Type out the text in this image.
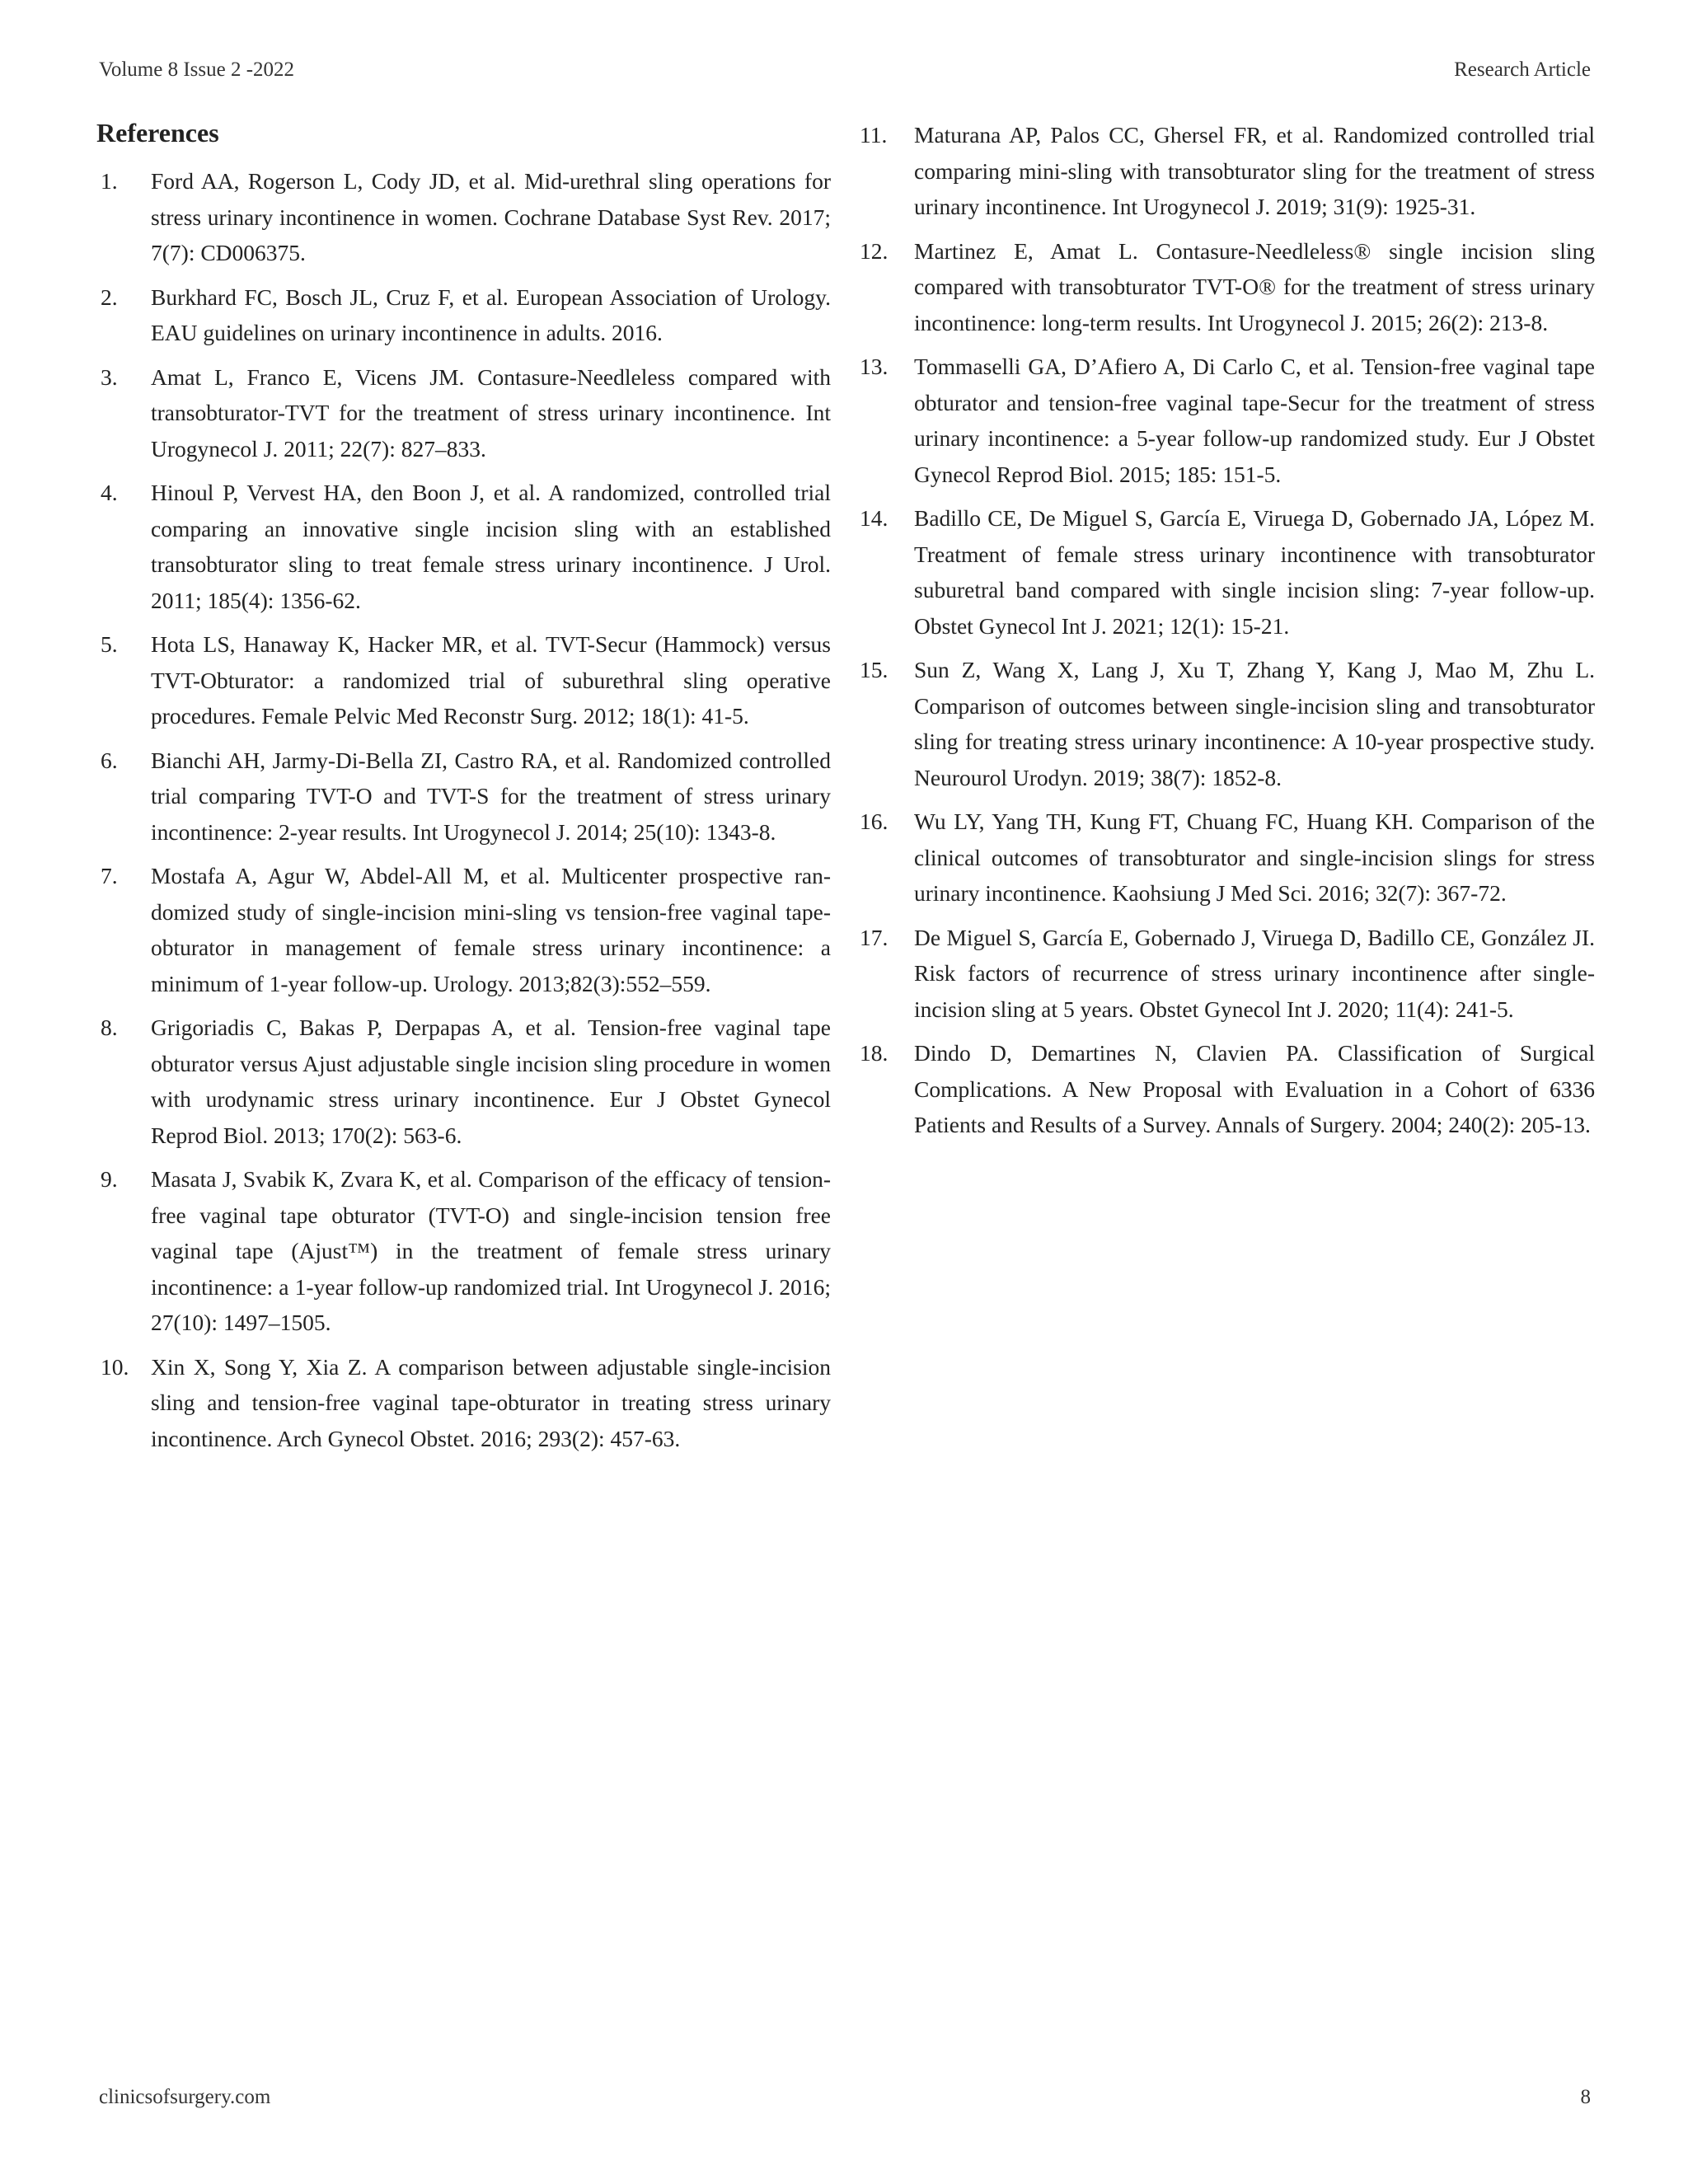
Volume 8 Issue 2 -2022	Research Article
References
1. Ford AA, Rogerson L, Cody JD, et al. Mid-urethral sling operations for stress urinary incontinence in women. Cochrane Database Syst Rev. 2017; 7(7): CD006375.
2. Burkhard FC, Bosch JL, Cruz F, et al. European Association of Urology. EAU guidelines on urinary incontinence in adults. 2016.
3. Amat L, Franco E, Vicens JM. Contasure-Needleless compared with transobturator-TVT for the treatment of stress urinary incontinence. Int Urogynecol J. 2011; 22(7): 827–833.
4. Hinoul P, Vervest HA, den Boon J, et al. A randomized, controlled trial comparing an innovative single incision sling with an established transobturator sling to treat female stress urinary incontinence. J Urol. 2011; 185(4): 1356-62.
5. Hota LS, Hanaway K, Hacker MR, et al. TVT-Secur (Hammock) versus TVT-Obturator: a randomized trial of suburethral sling operative procedures. Female Pelvic Med Reconstr Surg. 2012; 18(1): 41-5.
6. Bianchi AH, Jarmy-Di-Bella ZI, Castro RA, et al. Randomized controlled trial comparing TVT-O and TVT-S for the treatment of stress urinary incontinence: 2-year results. Int Urogynecol J. 2014; 25(10): 1343-8.
7. Mostafa A, Agur W, Abdel-All M, et al. Multicenter prospective randomized study of single-incision mini-sling vs tension-free vaginal tape-obturator in management of female stress urinary incontinence: a minimum of 1-year follow-up. Urology. 2013;82(3):552–559.
8. Grigoriadis C, Bakas P, Derpapas A, et al. Tension-free vaginal tape obturator versus Ajust adjustable single incision sling procedure in women with urodynamic stress urinary incontinence. Eur J Obstet Gynecol Reprod Biol. 2013; 170(2): 563-6.
9. Masata J, Svabik K, Zvara K, et al. Comparison of the efficacy of tension-free vaginal tape obturator (TVT-O) and single-incision tension free vaginal tape (Ajust™) in the treatment of female stress urinary incontinence: a 1-year follow-up randomized trial. Int Urogynecol J. 2016; 27(10): 1497–1505.
10. Xin X, Song Y, Xia Z. A comparison between adjustable single-incision sling and tension-free vaginal tape-obturator in treating stress urinary incontinence. Arch Gynecol Obstet. 2016; 293(2): 457-63.
11. Maturana AP, Palos CC, Ghersel FR, et al. Randomized controlled trial comparing mini-sling with transobturator sling for the treatment of stress urinary incontinence. Int Urogynecol J. 2019; 31(9): 1925-31.
12. Martinez E, Amat L. Contasure-Needleless® single incision sling compared with transobturator TVT-O® for the treatment of stress urinary incontinence: long-term results. Int Urogynecol J. 2015; 26(2): 213-8.
13. Tommaselli GA, D’Afiero A, Di Carlo C, et al. Tension-free vaginal tape obturator and tension-free vaginal tape-Secur for the treatment of stress urinary incontinence: a 5-year follow-up randomized study. Eur J Obstet Gynecol Reprod Biol. 2015; 185: 151-5.
14. Badillo CE, De Miguel S, García E, Viruega D, Gobernado JA, López M. Treatment of female stress urinary incontinence with transobturator suburetral band compared with single incision sling: 7-year follow-up. Obstet Gynecol Int J. 2021; 12(1): 15-21.
15. Sun Z, Wang X, Lang J, Xu T, Zhang Y, Kang J, Mao M, Zhu L. Comparison of outcomes between single-incision sling and transobturator sling for treating stress urinary incontinence: A 10-year prospective study. Neurourol Urodyn. 2019; 38(7): 1852-8.
16. Wu LY, Yang TH, Kung FT, Chuang FC, Huang KH. Comparison of the clinical outcomes of transobturator and single-incision slings for stress urinary incontinence. Kaohsiung J Med Sci. 2016; 32(7): 367-72.
17. De Miguel S, García E, Gobernado J, Viruega D, Badillo CE, González JI. Risk factors of recurrence of stress urinary incontinence after single-incision sling at 5 years. Obstet Gynecol Int J. 2020; 11(4): 241-5.
18. Dindo D, Demartines N, Clavien PA. Classification of Surgical Complications. A New Proposal with Evaluation in a Cohort of 6336 Patients and Results of a Survey. Annals of Surgery. 2004; 240(2): 205-13.
clinicsofsurgery.com	8
